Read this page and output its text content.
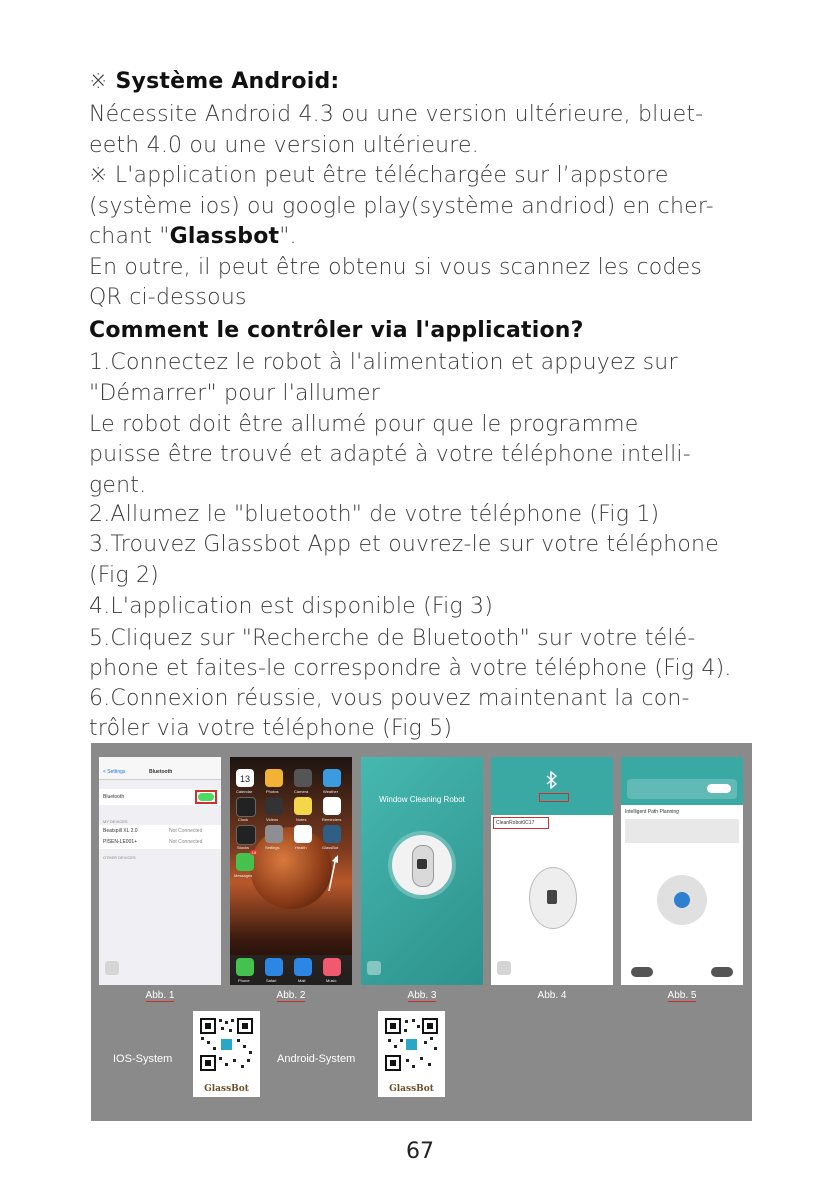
※ Système Android:
Nécessite Android 4.3 ou une version ultérieure, bluet-
eeth 4.0 ou une version ultérieure.
※ L'application peut être téléchargée sur l’appstore
(système ios) ou google play(système andriod) en cher-
chant "Glassbot".
En outre, il peut être obtenu si vous scannez les codes
QR ci-dessous
Comment le contrôler via l'application?
1.Connectez le robot à l'alimentation et appuyez sur
"Démarrer" pour l'allumer
Le robot doit être allumé pour que le programme
puisse être trouvé et adapté à votre téléphone intelli-
gent.
2.Allumez le "bluetooth" de votre téléphone (Fig 1)
3.Trouvez Glassbot App et ouvrez-le sur votre téléphone
(Fig 2)
4.L'application est disponible (Fig 3)
5.Cliquez sur "Recherche de Bluetooth" sur votre télé-
phone et faites-le correspondre à votre téléphone (Fig 4).
6.Connexion réussie, vous pouvez maintenant la con-
trôler via votre téléphone (Fig 5)
< Settings	Bluetooth
Bluetooth
MY DEVICES
Beatspill XL 2.0	Not Connected
PISEN-LE001+	Not Connected
OTHER DEVICES
13
Calendar	Photos	Camera	Weather
Clock	Videos	Notes	Reminders
Stocks	Settings	Health	GlassBot
19
Messages
Phone	Safari	Mail	Music
Window Cleaning Robot
CleanRobot0C17
Intelligent Path Planning
Abb. 1	Abb. 2	Abb. 3	Abb. 4	Abb. 5
IOS-System
GlassBot
Android-System
GlassBot
67
